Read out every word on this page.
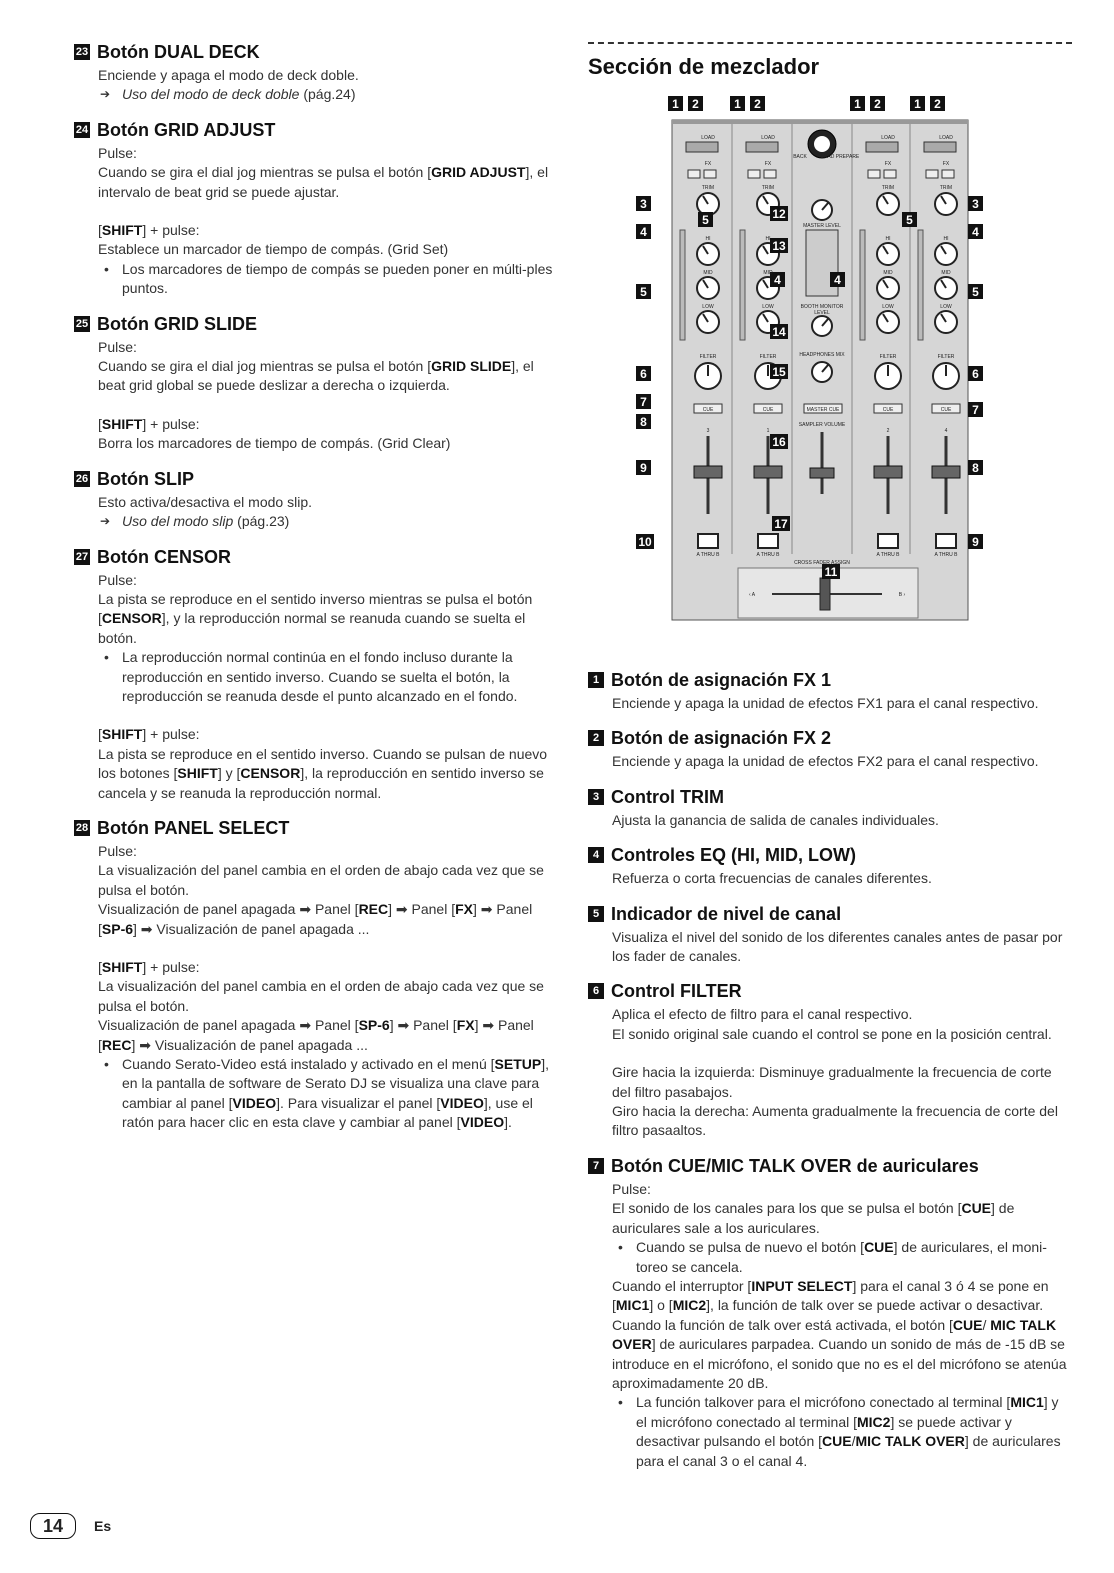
23 Botón DUAL DECK
Enciende y apaga el modo de deck doble.
➔ Uso del modo de deck doble (pág.24)
24 Botón GRID ADJUST
Pulse:
Cuando se gira el dial jog mientras se pulsa el botón [GRID ADJUST], el intervalo de beat grid se puede ajustar.
[SHIFT] + pulse:
Establece un marcador de tiempo de compás. (Grid Set)
• Los marcadores de tiempo de compás se pueden poner en múlti-ples puntos.
25 Botón GRID SLIDE
Pulse:
Cuando se gira el dial jog mientras se pulsa el botón [GRID SLIDE], el beat grid global se puede deslizar a derecha o izquierda.
[SHIFT] + pulse:
Borra los marcadores de tiempo de compás. (Grid Clear)
26 Botón SLIP
Esto activa/desactiva el modo slip.
➔ Uso del modo slip (pág.23)
27 Botón CENSOR
Pulse:
La pista se reproduce en el sentido inverso mientras se pulsa el botón [CENSOR], y la reproducción normal se reanuda cuando se suelta el botón.
• La reproducción normal continúa en el fondo incluso durante la reproducción en sentido inverso. Cuando se suelta el botón, la reproducción se reanuda desde el punto alcanzado en el fondo.
[SHIFT] + pulse:
La pista se reproduce en el sentido inverso. Cuando se pulsan de nuevo los botones [SHIFT] y [CENSOR], la reproducción en sentido inverso se cancela y se reanuda la reproducción normal.
28 Botón PANEL SELECT
Pulse:
La visualización del panel cambia en el orden de abajo cada vez que se pulsa el botón.
Visualización de panel apagada ➡ Panel [REC] ➡ Panel [FX] ➡ Panel [SP-6] ➡ Visualización de panel apagada ...
[SHIFT] + pulse:
La visualización del panel cambia en el orden de abajo cada vez que se pulsa el botón.
Visualización de panel apagada ➡ Panel [SP-6] ➡ Panel [FX] ➡ Panel [REC] ➡ Visualización de panel apagada ...
• Cuando Serato-Video está instalado y activado en el menú [SETUP], en la pantalla de software de Serato DJ se visualiza una clave para cambiar al panel [VIDEO]. Para visualizar el panel [VIDEO], use el ratón para hacer clic en esta clave y cambiar al panel [VIDEO].
Sección de mezclador
1 2	1 2	1 2	1 2
3	3
4	4
5	5
4	4
5	5
12
13
14
15
6	6
7
7
8
16
9	8
17
10	9
11
LOAD
FX
TRIM
HI
MID
LOW
FILTER
CUE
3
A THRU B
LOAD
FX
TRIM
HI
MID
LOW
FILTER
CUE
1
A THRU B
LOAD
FX
TRIM
HI
MID
LOW
FILTER
CUE
2
A THRU B
LOAD
FX
TRIM
HI
MID
LOW
FILTER
CUE
4
A THRU B
BACK	LOAD PREPARE
MASTER LEVEL
BOOTH MONITOR
LEVEL
HEADPHONES MIX
MASTER CUE
SAMPLER VOLUME
CROSS FADER ASSIGN
‹ A	B ›
1 Botón de asignación FX 1
Enciende y apaga la unidad de efectos FX1 para el canal respectivo.
2 Botón de asignación FX 2
Enciende y apaga la unidad de efectos FX2 para el canal respectivo.
3 Control TRIM
Ajusta la ganancia de salida de canales individuales.
4 Controles EQ (HI, MID, LOW)
Refuerza o corta frecuencias de canales diferentes.
5 Indicador de nivel de canal
Visualiza el nivel del sonido de los diferentes canales antes de pasar por los fader de canales.
6 Control FILTER
Aplica el efecto de filtro para el canal respectivo.
El sonido original sale cuando el control se pone en la posición central.
Gire hacia la izquierda: Disminuye gradualmente la frecuencia de corte del filtro pasabajos.
Giro hacia la derecha: Aumenta gradualmente la frecuencia de corte del filtro pasaaltos.
7 Botón CUE/MIC TALK OVER de auriculares
Pulse:
El sonido de los canales para los que se pulsa el botón [CUE] de auriculares sale a los auriculares.
• Cuando se pulsa de nuevo el botón [CUE] de auriculares, el moni-toreo se cancela.
Cuando el interruptor [INPUT SELECT] para el canal 3 ó 4 se pone en [MIC1] o [MIC2], la función de talk over se puede activar o desactivar.
Cuando la función de talk over está activada, el botón [CUE/ MIC TALK OVER] de auriculares parpadea. Cuando un sonido de más de -15 dB se introduce en el micrófono, el sonido que no es el del micrófono se atenúa aproximadamente 20 dB.
• La función talkover para el micrófono conectado al terminal [MIC1] y el micrófono conectado al terminal [MIC2] se puede activar y desactivar pulsando el botón [CUE/MIC TALK OVER] de auriculares para el canal 3 o el canal 4.
14	Es
